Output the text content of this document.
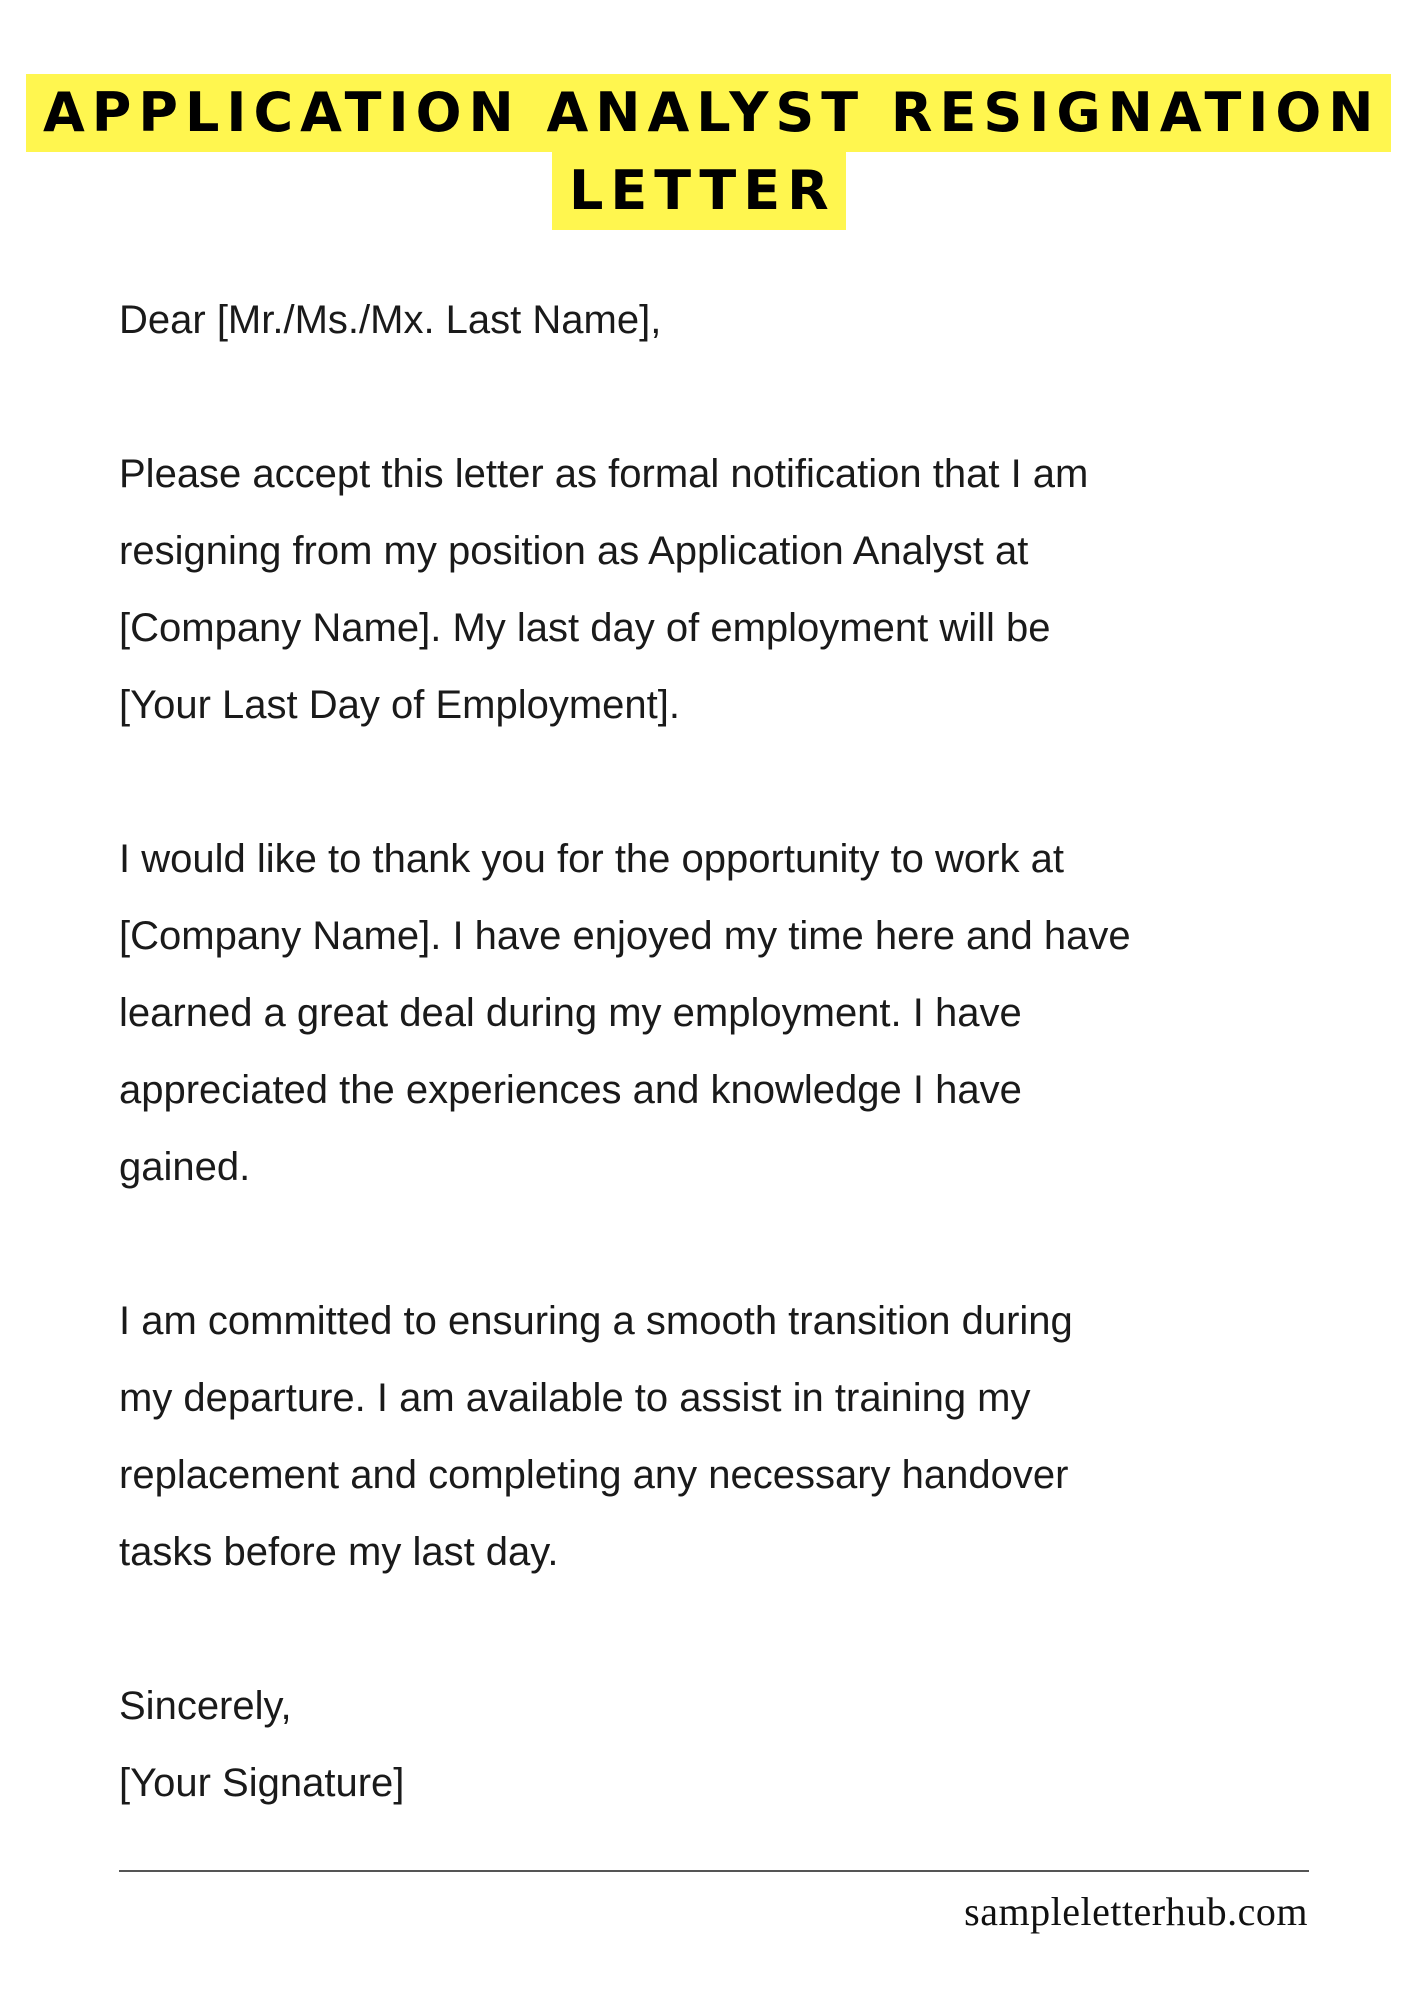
APPLICATION ANALYST RESIGNATION
LETTER

Dear [Mr./Ms./Mx. Last Name],

Please accept this letter as formal notification that I am

resigning from my position as Application Analyst at

[Company Name]. My last day of employment will be

[Your Last Day of Employment].

I would like to thank you for the opportunity to work at

[Company Name]. I have enjoyed my time here and have

learned a great deal during my employment. I have

appreciated the experiences and knowledge I have

gained.

I am committed to ensuring a smooth transition during

my departure. I am available to assist in training my

replacement and completing any necessary handover

tasks before my last day.

Sincerely,

[Your Signature]

sampleletterhub.com
